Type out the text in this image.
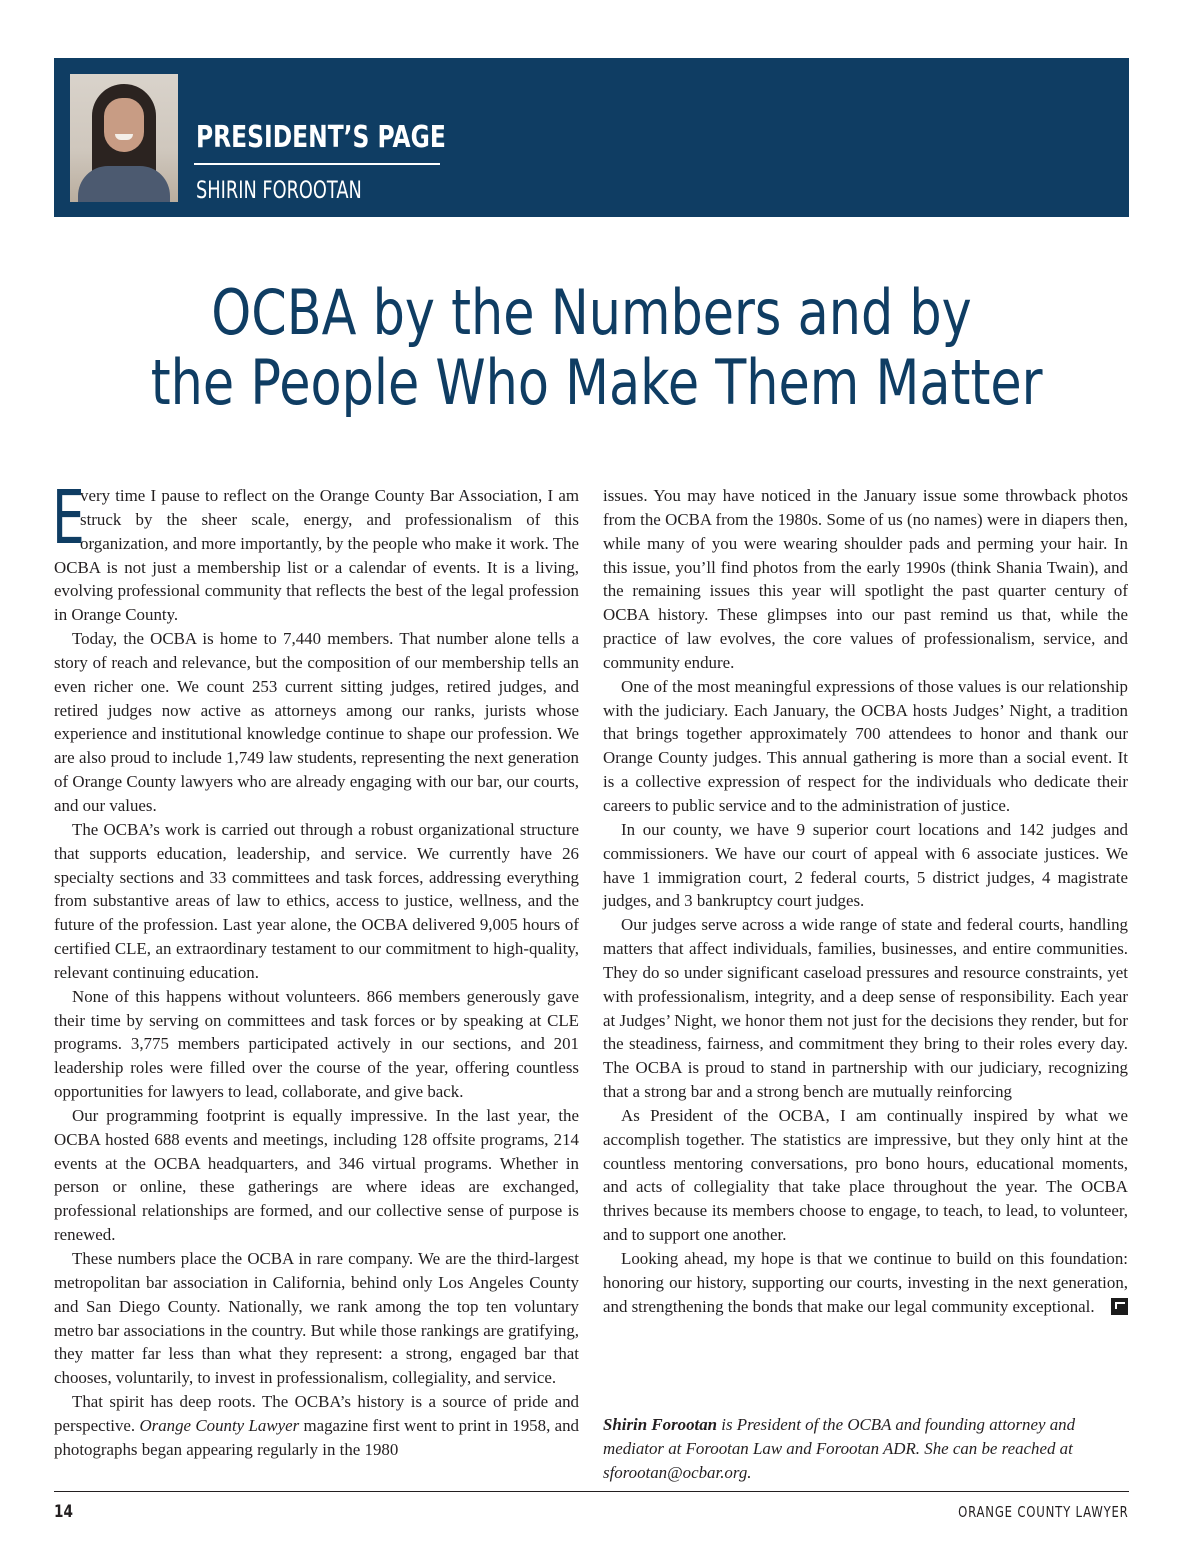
PRESIDENT’S PAGE
SHIRIN FOROOTAN
OCBA by the Numbers and by
the People Who Make Them Matter

E
very time I pause to reflect on the Orange County Bar Association, I am struck by the sheer scale, energy, and professionalism of this organization, and more importantly, by the people who make it work. The OCBA is not just a membership list or a calendar of events. It is a living, evolving professional community that reflects the best of the legal profession in Orange County.

Today, the OCBA is home to 7,440 members. That number alone tells a story of reach and relevance, but the composition of our membership tells an even richer one. We count 253 current sitting judges, retired judges, and retired judges now active as attorneys among our ranks, jurists whose experience and institutional knowledge continue to shape our profession. We are also proud to include 1,749 law students, representing the next generation of Orange County lawyers who are already engaging with our bar, our courts, and our values.

The OCBA’s work is carried out through a robust organizational structure that supports education, leadership, and service. We currently have 26 specialty sections and 33 committees and task forces, addressing everything from substantive areas of law to ethics, access to justice, wellness, and the future of the profession. Last year alone, the OCBA delivered 9,005 hours of certified CLE, an extraordinary testament to our commitment to high-quality, relevant continuing education.

None of this happens without volunteers. 866 members generously gave their time by serving on committees and task forces or by speaking at CLE programs. 3,775 members participated actively in our sections, and 201 leadership roles were filled over the course of the year, offering countless opportunities for lawyers to lead, collaborate, and give back.

Our programming footprint is equally impressive. In the last year, the OCBA hosted 688 events and meetings, including 128 offsite programs, 214 events at the OCBA headquarters, and 346 virtual programs. Whether in person or online, these gatherings are where ideas are exchanged, professional relationships are formed, and our collective sense of purpose is renewed.

These numbers place the OCBA in rare company. We are the third-largest metropolitan bar association in California, behind only Los Angeles County and San Diego County. Nationally, we rank among the top ten voluntary metro bar associations in the country. But while those rankings are gratifying, they matter far less than what they represent: a strong, engaged bar that chooses, voluntarily, to invest in professionalism, collegiality, and service.

That spirit has deep roots. The OCBA’s history is a source of pride and perspective. Orange County Lawyer magazine first went to print in 1958, and photographs began appearing regularly in the 1980

issues. You may have noticed in the January issue some throwback photos from the OCBA from the 1980s. Some of us (no names) were in diapers then, while many of you were wearing shoulder pads and perming your hair. In this issue, you’ll find photos from the early 1990s (think Shania Twain), and the remaining issues this year will spotlight the past quarter century of OCBA history. These glimpses into our past remind us that, while the practice of law evolves, the core values of professionalism, service, and community endure.

One of the most meaningful expressions of those values is our relationship with the judiciary. Each January, the OCBA hosts Judges’ Night, a tradition that brings together approximately 700 attendees to honor and thank our Orange County judges. This annual gathering is more than a social event. It is a collective expression of respect for the individuals who dedicate their careers to public service and to the administration of justice.

In our county, we have 9 superior court locations and 142 judges and commissioners. We have our court of appeal with 6 associate justices. We have 1 immigration court, 2 federal courts, 5 district judges, 4 magistrate judges, and 3 bankruptcy court judges.

Our judges serve across a wide range of state and federal courts, handling matters that affect individuals, families, businesses, and entire communities. They do so under significant caseload pressures and resource constraints, yet with professionalism, integrity, and a deep sense of responsibility. Each year at Judges’ Night, we honor them not just for the decisions they render, but for the steadiness, fairness, and commitment they bring to their roles every day. The OCBA is proud to stand in partnership with our judiciary, recognizing that a strong bar and a strong bench are mutually reinforcing

As President of the OCBA, I am continually inspired by what we accomplish together. The statistics are impressive, but they only hint at the countless mentoring conversations, pro bono hours, educational moments, and acts of collegiality that take place throughout the year. The OCBA thrives because its members choose to engage, to teach, to lead, to volunteer, and to support one another.

Looking ahead, my hope is that we continue to build on this foundation: honoring our history, supporting our courts, investing in the next generation, and strengthening the bonds that make our legal community exceptional.

Shirin Forootan is President of the OCBA and founding attorney and mediator at Forootan Law and Forootan ADR. She can be reached at sforootan@ocbar.org.
14	ORANGE COUNTY LAWYER
